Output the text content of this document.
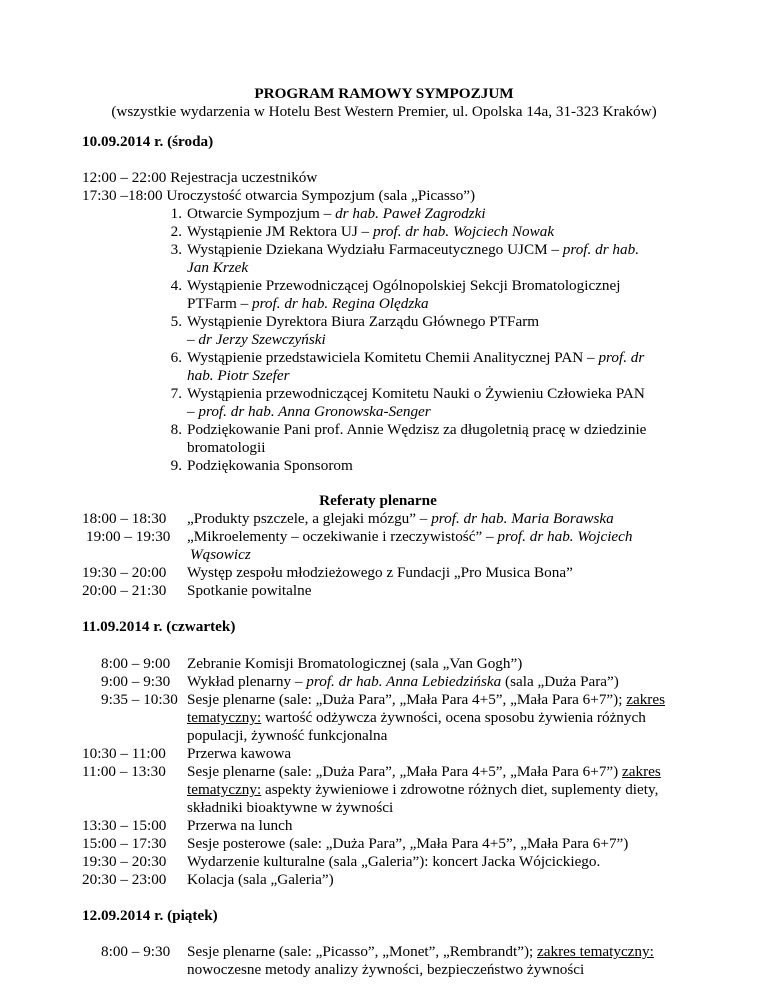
PROGRAM RAMOWY SYMPOZJUM
(wszystkie wydarzenia w Hotelu Best Western Premier, ul. Opolska 14a, 31-323 Kraków)
10.09.2014 r. (środa)
12:00 – 22:00 Rejestracja uczestników
17:30 –18:00 Uroczystość otwarcia Sympozjum (sala „Picasso”)
1. Otwarcie Sympozjum – dr hab. Paweł Zagrodzki
2. Wystąpienie JM Rektora UJ – prof. dr hab. Wojciech Nowak
3. Wystąpienie Dziekana Wydziału Farmaceutycznego UJCM – prof. dr hab.
Jan Krzek
4. Wystąpienie Przewodniczącej Ogólnopolskiej Sekcji Bromatologicznej
PTFarm – prof. dr hab. Regina Olędzka
5. Wystąpienie Dyrektora Biura Zarządu Głównego PTFarm
– dr Jerzy Szewczyński
6. Wystąpienie przedstawiciela Komitetu Chemii Analitycznej PAN – prof. dr
hab. Piotr Szefer
7. Wystąpienia przewodniczącej Komitetu Nauki o Żywieniu Człowieka PAN
– prof. dr hab. Anna Gronowska-Senger
8. Podziękowanie Pani prof. Annie Wędzisz za długoletnią pracę w dziedzinie
bromatologii
9. Podziękowania Sponsorom
Referaty plenarne
18:00 – 18:30 „Produkty pszczele, a glejaki mózgu” – prof. dr hab. Maria Borawska
19:00 – 19:30 „Mikroelementy – oczekiwanie i rzeczywistość” – prof. dr hab. Wojciech
Wąsowicz
19:30 – 20:00 Występ zespołu młodzieżowego z Fundacji „Pro Musica Bona”
20:00 – 21:30 Spotkanie powitalne
11.09.2014 r. (czwartek)
8:00 – 9:00 Zebranie Komisji Bromatologicznej (sala „Van Gogh”)
9:00 – 9:30 Wykład plenarny – prof. dr hab. Anna Lebiedzińska (sala „Duża Para”)
9:35 – 10:30 Sesje plenarne (sale: „Duża Para”, „Mała Para 4+5”, „Mała Para 6+7”); zakres
tematyczny: wartość odżywcza żywności, ocena sposobu żywienia różnych
populacji, żywność funkcjonalna
10:30 – 11:00 Przerwa kawowa
11:00 – 13:30 Sesje plenarne (sale: „Duża Para”, „Mała Para 4+5”, „Mała Para 6+7”) zakres
tematyczny: aspekty żywieniowe i zdrowotne różnych diet, suplementy diety,
składniki bioaktywne w żywności
13:30 – 15:00 Przerwa na lunch
15:00 – 17:30 Sesje posterowe (sale: „Duża Para”, „Mała Para 4+5”, „Mała Para 6+7”)
19:30 – 20:30 Wydarzenie kulturalne (sala „Galeria”): koncert Jacka Wójcickiego.
20:30 – 23:00 Kolacja (sala „Galeria”)
12.09.2014 r. (piątek)
8:00 – 9:30 Sesje plenarne (sale: „Picasso”, „Monet”, „Rembrandt”); zakres tematyczny:
nowoczesne metody analizy żywności, bezpieczeństwo żywności
